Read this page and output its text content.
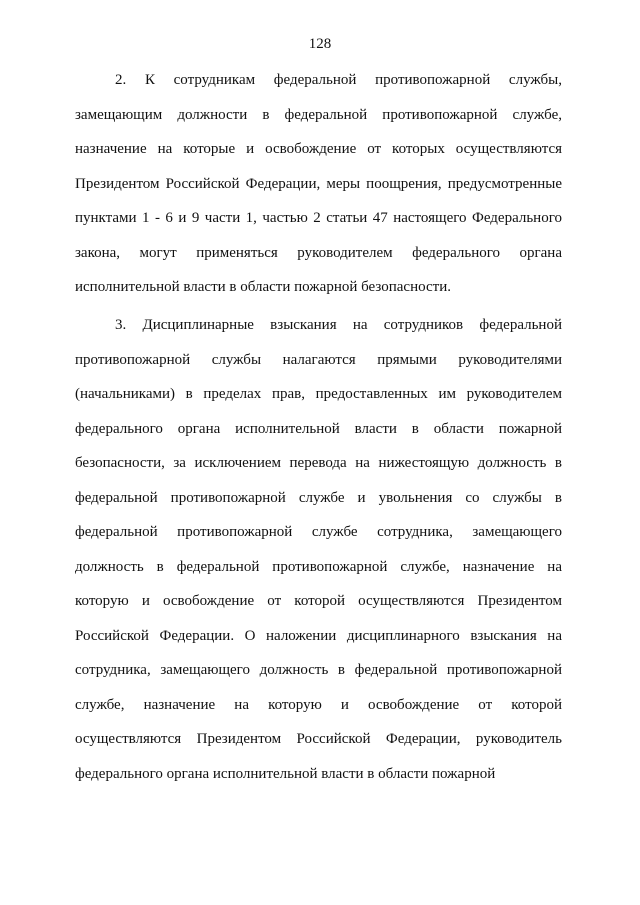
128

2. К сотрудникам федеральной противопожарной службы, замещающим должности в федеральной противопожарной службе, назначение на которые и освобождение от которых осуществляются Президентом Российской Федерации, меры поощрения, предусмотренные пунктами 1 - 6 и 9 части 1, частью 2 статьи 47 настоящего Федерального закона, могут применяться руководителем федерального органа исполнительной власти в области пожарной безопасности.

3. Дисциплинарные взыскания на сотрудников федеральной противопожарной службы налагаются прямыми руководителями (начальниками) в пределах прав, предоставленных им руководителем федерального органа исполнительной власти в области пожарной безопасности, за исключением перевода на нижестоящую должность в федеральной противопожарной службе и увольнения со службы в федеральной противопожарной службе сотрудника, замещающего должность в федеральной противопожарной службе, назначение на которую и освобождение от которой осуществляются Президентом Российской Федерации. О наложении дисциплинарного взыскания на сотрудника, замещающего должность в федеральной противопожарной службе, назначение на которую и освобождение от которой осуществляются Президентом Российской Федерации, руководитель федерального органа исполнительной власти в области пожарной
